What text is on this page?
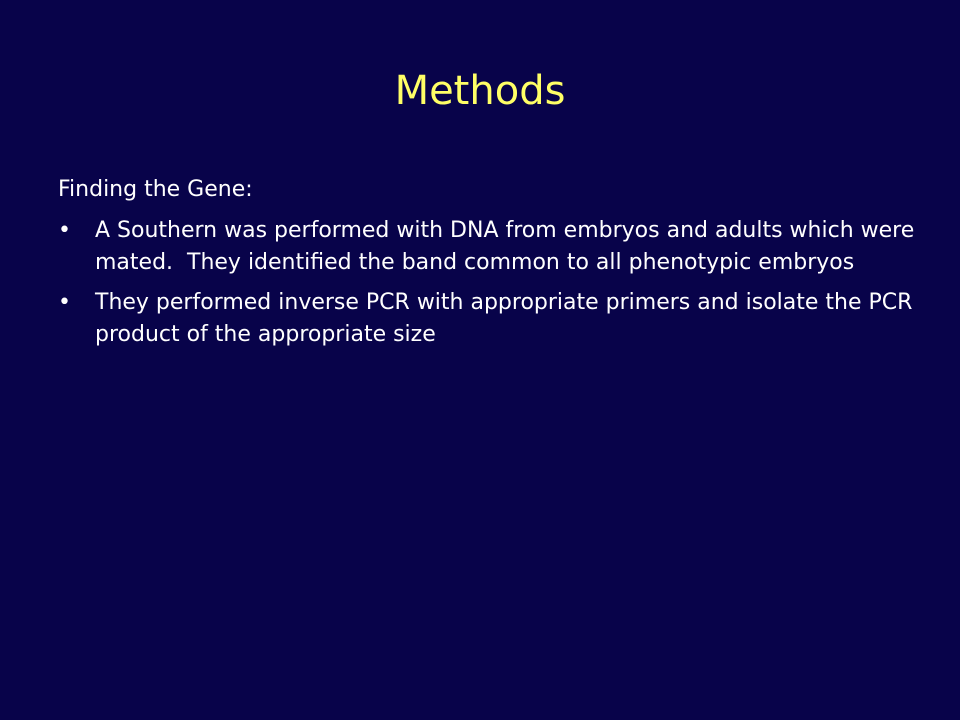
Methods
Finding the Gene:
•	A Southern was performed with DNA from embryos and adults which were mated.  They identified the band common to all phenotypic embryos
•	They performed inverse PCR with appropriate primers and isolate the PCR product of the appropriate size
